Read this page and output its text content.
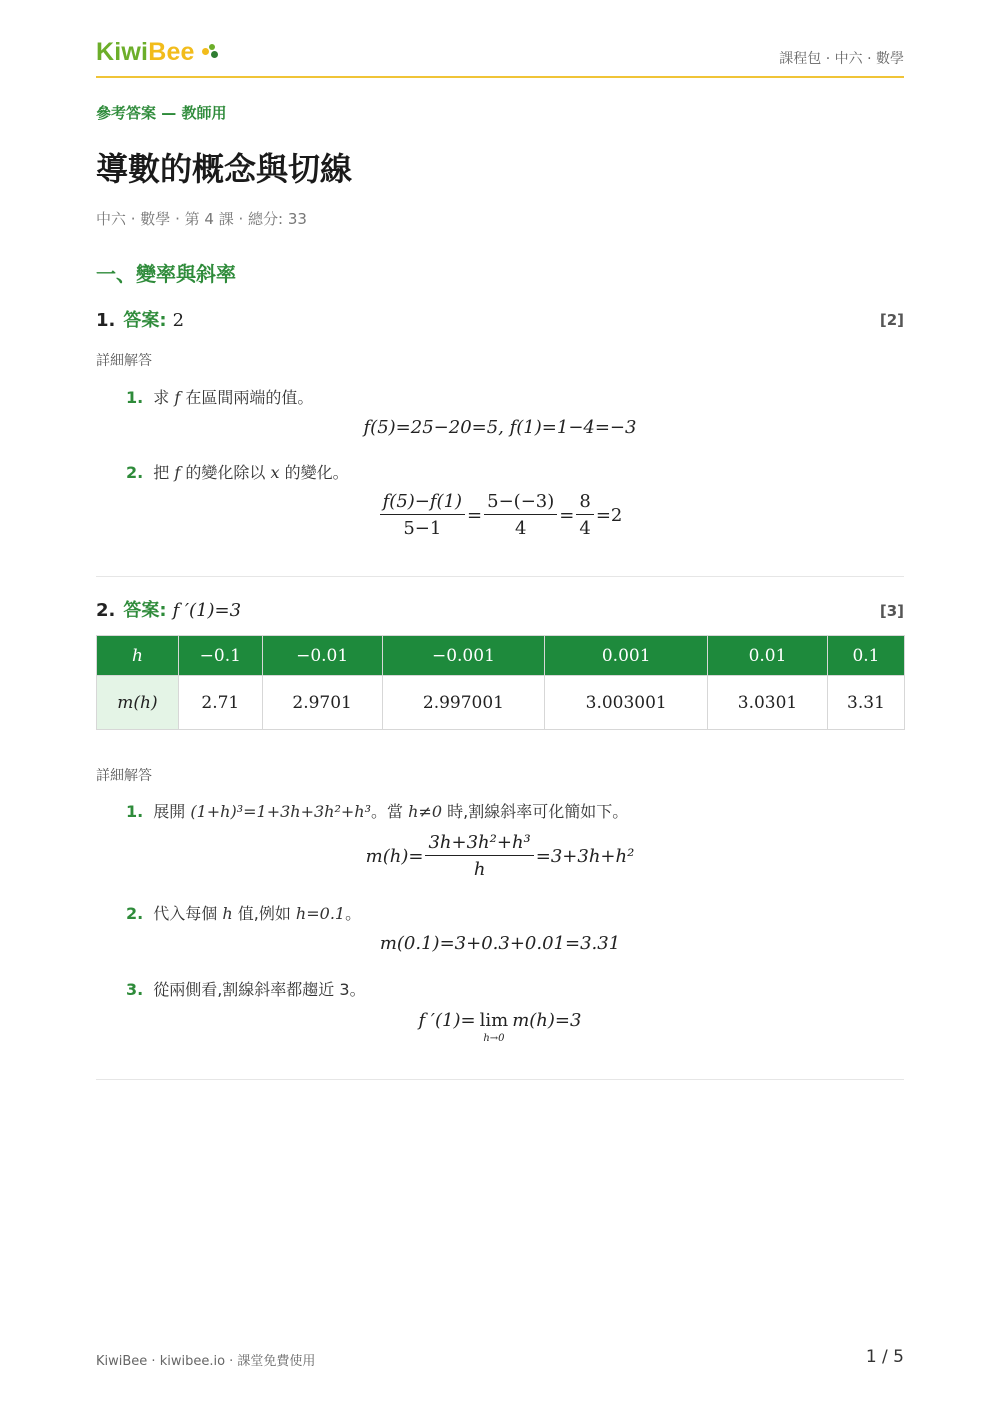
KiwiBee	課程包 · 中六 · 數學
參考答案 — 教師用
導數的概念與切線
中六 · 數學 · 第 4 課 · 總分: 33
一、變率與斜率
1. 答案: 2	[2]
詳細解答
1. 求 f 在區間兩端的值。
f(5)=25−20=5, f(1)=1−4=−3
2. 把 f 的變化除以 x 的變化。
$\frac{f(5)-f(1)}{5-1} = \frac{5-(-3)}{4} = \frac{8}{4} =2$
2. 答案: f ′(1)=3	[3]
h	−0.1	−0.01	−0.001	0.001	0.01	0.1
m(h)	2.71	2.9701	2.997001	3.003001	3.0301	3.31
詳細解答
1. 展開 (1+h)³=1+3h+3h²+h³。當 h≠0 時,割線斜率可化簡如下。
$m(h)= \frac{\text{3h+3h²+h³}}{h} =3+3h+h^2$
2. 代入每個 h 值,例如 h=0.1。
m(0.1)=3+0.3+0.01=3.31
3. 從兩側看,割線斜率都趨近 3。
f ′(1)= lim
h→0
m(h)=3
KiwiBee · kiwibee.io · 課堂免費使用	1 / 5
